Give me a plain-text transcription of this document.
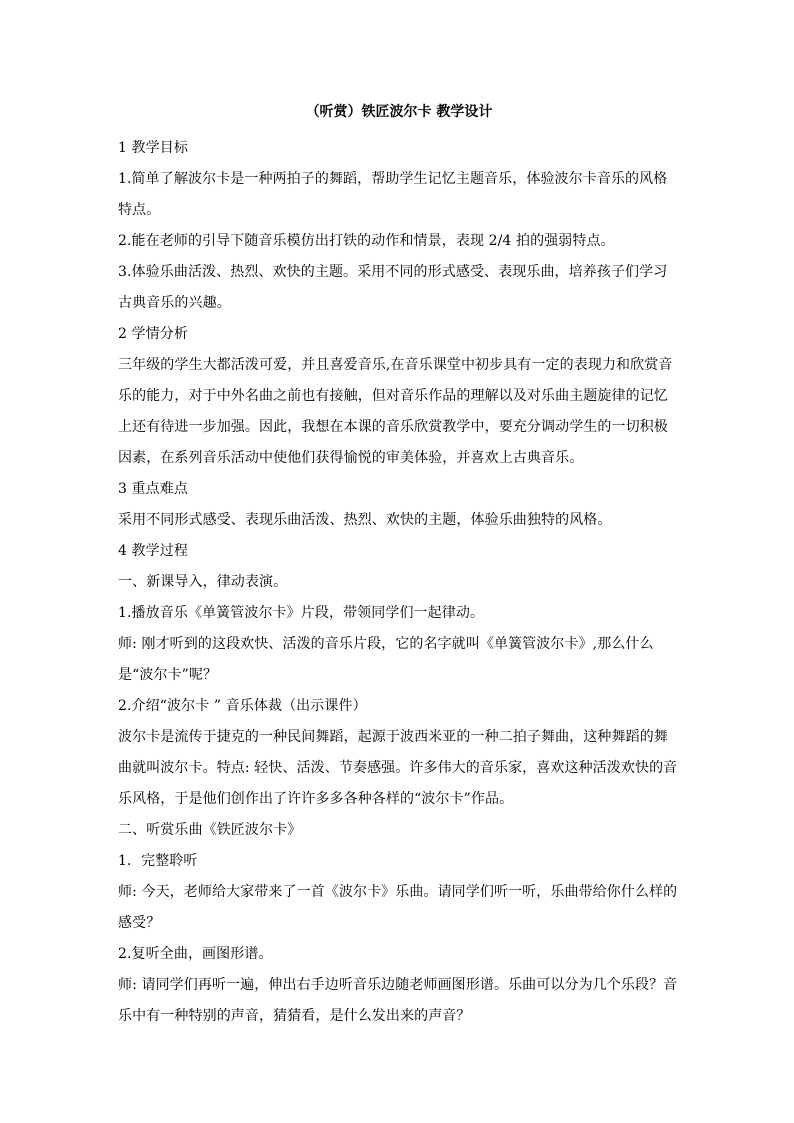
（听赏）铁匠波尔卡 教学设计

1 教学目标

1.简单了解波尔卡是一种两拍子的舞蹈，帮助学生记忆主题音乐，体验波尔卡音乐的风格特点。

2.能在老师的引导下随音乐模仿出打铁的动作和情景，表现 2/4 拍的强弱特点。

3.体验乐曲活泼、热烈、欢快的主题。采用不同的形式感受、表现乐曲，培养孩子们学习古典音乐的兴趣。

2 学情分析

三年级的学生大都活泼可爱，并且喜爱音乐,在音乐课堂中初步具有一定的表现力和欣赏音乐的能力，对于中外名曲之前也有接触，但对音乐作品的理解以及对乐曲主题旋律的记忆上还有待进一步加强。因此，我想在本课的音乐欣赏教学中，要充分调动学生的一切积极因素，在系列音乐活动中使他们获得愉悦的审美体验，并喜欢上古典音乐。

3 重点难点

采用不同形式感受、表现乐曲活泼、热烈、欢快的主题，体验乐曲独特的风格。

4 教学过程

一、新课导入，律动表演。

1.播放音乐《单簧管波尔卡》片段，带领同学们一起律动。

师: 刚才听到的这段欢快、活泼的音乐片段，它的名字就叫《单簧管波尔卡》,那么什么是“波尔卡”呢？

2.介绍“波尔卡 ” 音乐体裁（出示课件）

波尔卡是流传于捷克的一种民间舞蹈，起源于波西米亚的一种二拍子舞曲，这种舞蹈的舞曲就叫波尔卡。特点: 轻快、活泼、节奏感强。许多伟大的音乐家，喜欢这种活泼欢快的音乐风格，于是他们创作出了许许多多各种各样的“波尔卡”作品。

二、听赏乐曲《铁匠波尔卡》

1．完整聆听

师: 今天，老师给大家带来了一首《波尔卡》乐曲。请同学们听一听，乐曲带给你什么样的感受？

2.复听全曲，画图形谱。

师: 请同学们再听一遍，伸出右手边听音乐边随老师画图形谱。乐曲可以分为几个乐段？音乐中有一种特别的声音，猜猜看，是什么发出来的声音？
